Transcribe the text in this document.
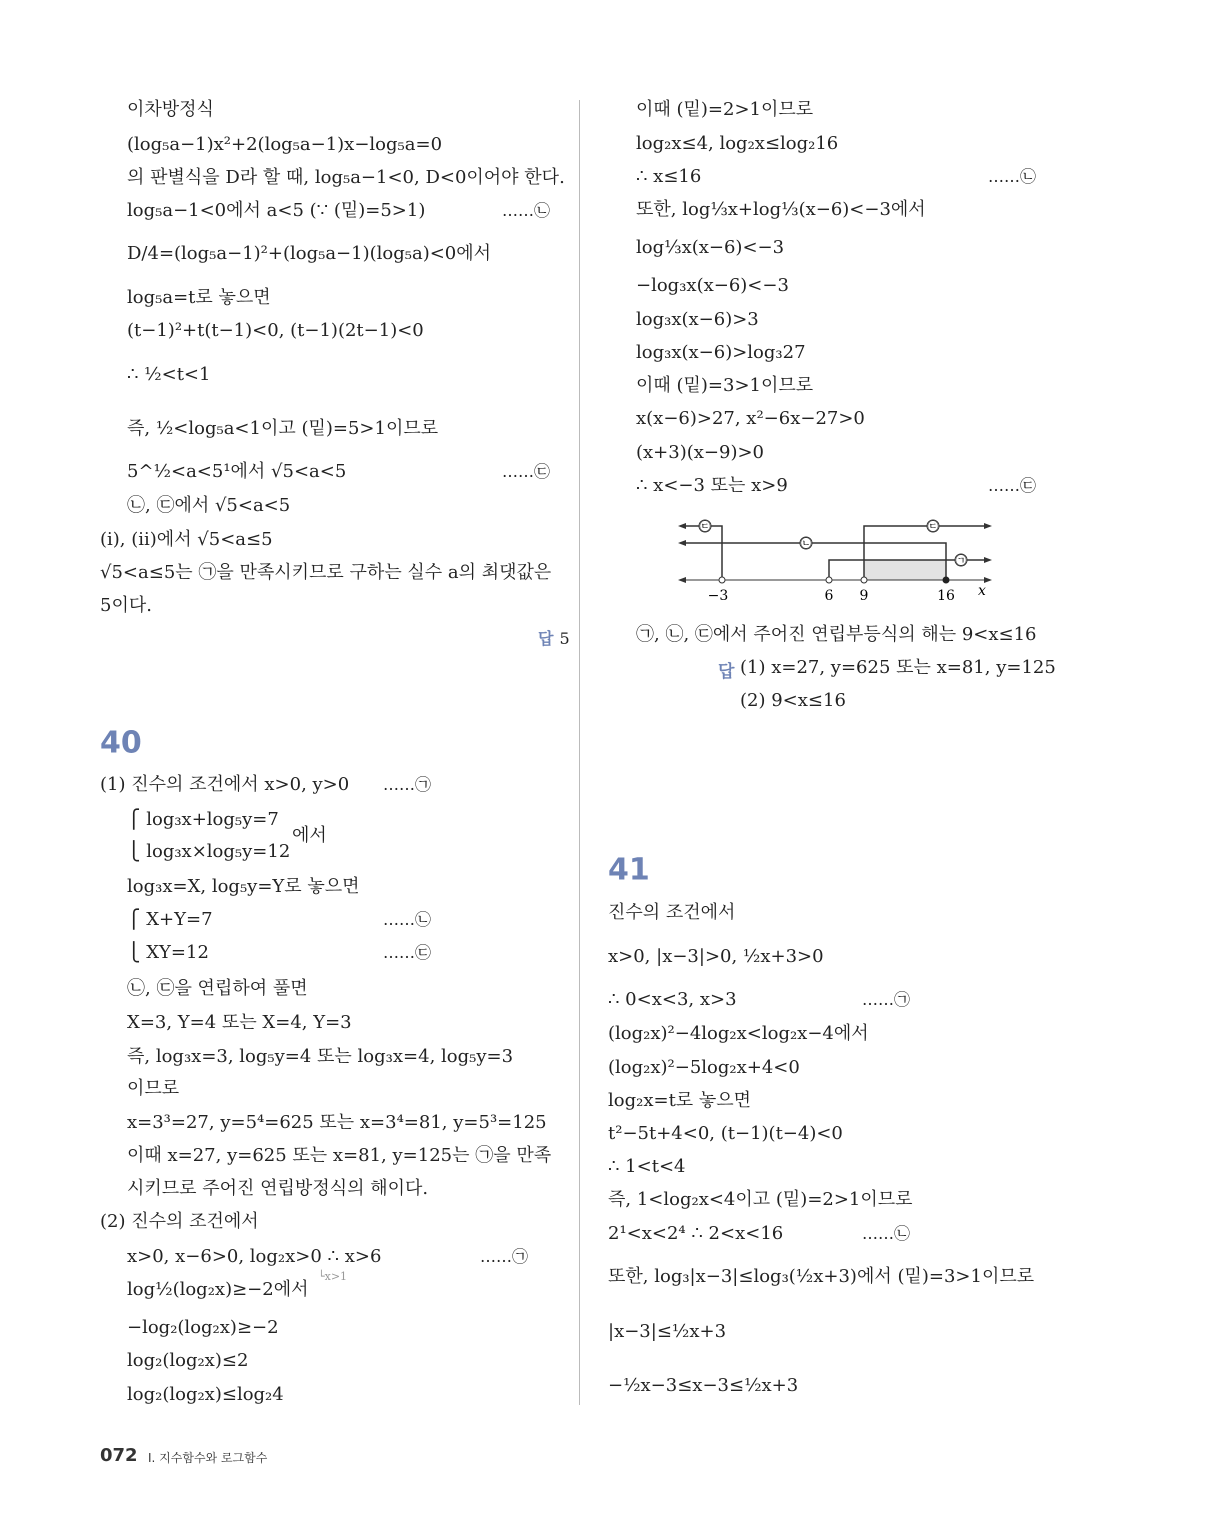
답 5
└x>1
답
㉢
㉡
㉢
㉠
−3	6 9	16 x
072 I. 지수함수와 로그함수
이차방정식
(log₅a−1)x²+2(log₅a−1)x−log₅a=0
의 판별식을 D라 할 때, log₅a−1<0, D<0이어야 한다.
log₅a−1<0에서 a<5 (∵ (밑)=5>1)	……㉡
D/4=(log₅a−1)²+(log₅a−1)(log₅a)<0에서
log₅a=t로 놓으면
(t−1)²+t(t−1)<0, (t−1)(2t−1)<0
∴ ½<t<1
즉, ½<log₅a<1이고 (밑)=5>1이므로
5^½<a<5¹에서 √5<a<5	……㉢
㉡, ㉢에서 √5<a<5
(i), (ii)에서 √5<a≤5
√5<a≤5는 ㉠을 만족시키므로 구하는 실수 a의 최댓값은
5이다.
40
(1) 진수의 조건에서 x>0, y>0 ……㉠
⎧ log₃x+log₅y=7
⎩ log₃x×log₅y=12
에서
log₃x=X, log₅y=Y로 놓으면
⎧ X+Y=7	……㉡
⎩ XY=12	……㉢
㉡, ㉢을 연립하여 풀면
X=3, Y=4 또는 X=4, Y=3
즉, log₃x=3, log₅y=4 또는 log₃x=4, log₅y=3
이므로
x=3³=27, y=5⁴=625 또는 x=3⁴=81, y=5³=125
이때 x=27, y=625 또는 x=81, y=125는 ㉠을 만족
시키므로 주어진 연립방정식의 해이다.
(2) 진수의 조건에서
x>0, x−6>0, log₂x>0 ∴ x>6	……㉠
log½(log₂x)≥−2에서
−log₂(log₂x)≥−2
log₂(log₂x)≤2
log₂(log₂x)≤log₂4
이때 (밑)=2>1이므로
log₂x≤4, log₂x≤log₂16
∴ x≤16	……㉡
또한, log⅓x+log⅓(x−6)<−3에서
log⅓x(x−6)<−3
−log₃x(x−6)<−3
log₃x(x−6)>3
log₃x(x−6)>log₃27
이때 (밑)=3>1이므로
x(x−6)>27, x²−6x−27>0
(x+3)(x−9)>0
∴ x<−3 또는 x>9	……㉢
㉠, ㉡, ㉢에서 주어진 연립부등식의 해는 9<x≤16
(1) x=27, y=625 또는 x=81, y=125
(2) 9<x≤16
41
진수의 조건에서
x>0, |x−3|>0, ½x+3>0
∴ 0<x<3, x>3	……㉠
(log₂x)²−4log₂x<log₂x−4에서
(log₂x)²−5log₂x+4<0
log₂x=t로 놓으면
t²−5t+4<0, (t−1)(t−4)<0
∴ 1<t<4
즉, 1<log₂x<4이고 (밑)=2>1이므로
2¹<x<2⁴ ∴ 2<x<16	……㉡
또한, log₃|x−3|≤log₃(½x+3)에서 (밑)=3>1이므로
|x−3|≤½x+3
−½x−3≤x−3≤½x+3
